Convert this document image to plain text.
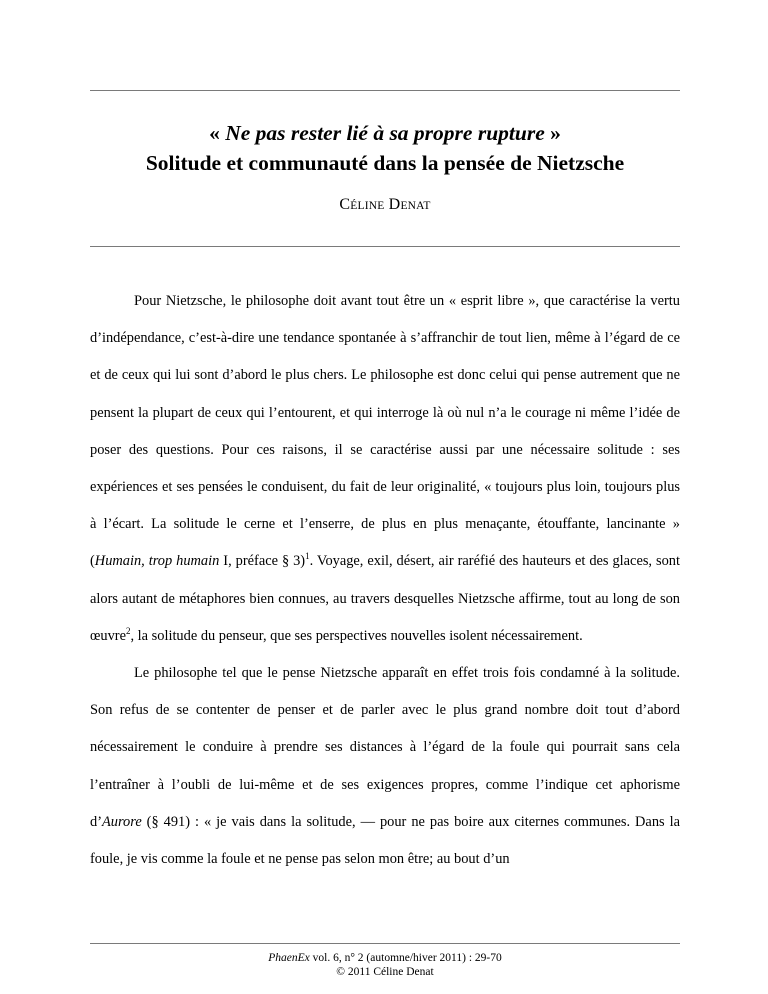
« Ne pas rester lié à sa propre rupture »
Solitude et communauté dans la pensée de Nietzsche
CÉLINE DENAT

Pour Nietzsche, le philosophe doit avant tout être un « esprit libre », que caractérise la vertu d’indépendance, c’est-à-dire une tendance spontanée à s’affranchir de tout lien, même à l’égard de ce et de ceux qui lui sont d’abord le plus chers. Le philosophe est donc celui qui pense autrement que ne pensent la plupart de ceux qui l’entourent, et qui interroge là où nul n’a le courage ni même l’idée de poser des questions. Pour ces raisons, il se caractérise aussi par une nécessaire solitude : ses expériences et ses pensées le conduisent, du fait de leur originalité, « toujours plus loin, toujours plus à l’écart. La solitude le cerne et l’enserre, de plus en plus menaçante, étouffante, lancinante » (Humain, trop humain I, préface § 3)$^1$. Voyage, exil, désert, air raréfié des hauteurs et des glaces, sont alors autant de métaphores bien connues, au travers desquelles Nietzsche affirme, tout au long de son œuvre$^2$, la solitude du penseur, que ses perspectives nouvelles isolent nécessairement.

Le philosophe tel que le pense Nietzsche apparaît en effet trois fois condamné à la solitude. Son refus de se contenter de penser et de parler avec le plus grand nombre doit tout d’abord nécessairement le conduire à prendre ses distances à l’égard de la foule qui pourrait sans cela l’entraîner à l’oubli de lui-même et de ses exigences propres, comme l’indique cet aphorisme d’Aurore (§ 491) : « je vais dans la solitude, — pour ne pas boire aux citernes communes. Dans la foule, je vis comme la foule et ne pense pas selon mon être; au bout d’un

PhaenEx vol. 6, n° 2 (automne/hiver 2011) : 29-70
© 2011 Céline Denat
